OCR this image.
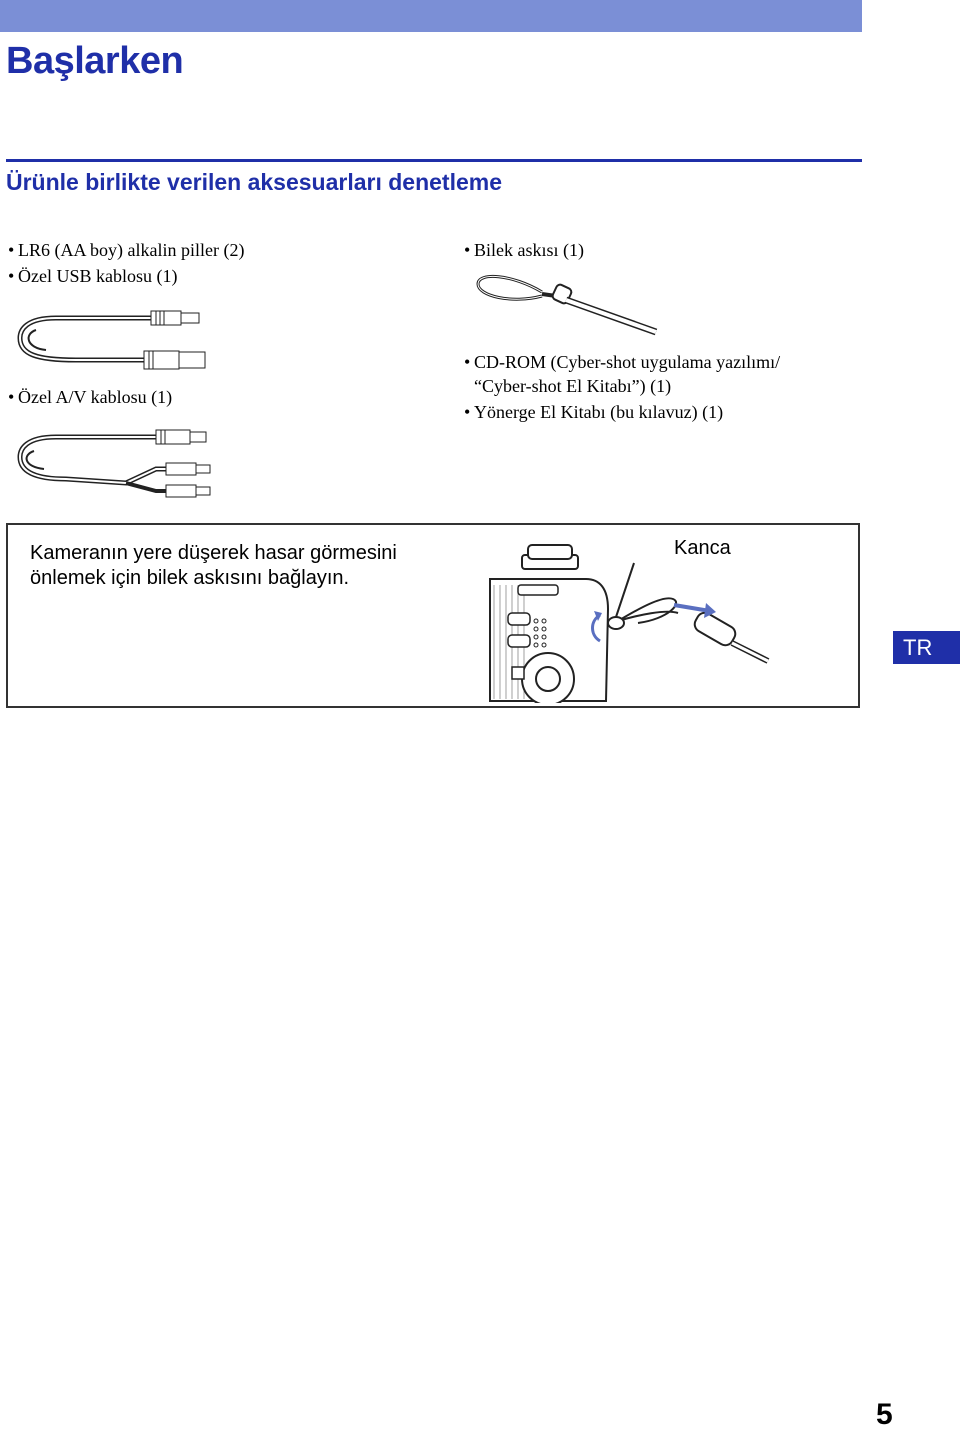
Başlarken
Ürünle birlikte verilen aksesuarları denetleme
• LR6 (AA boy) alkalin piller (2)
• Özel USB kablosu (1)
• Özel A/V kablosu (1)
• Bilek askısı (1)
• CD-ROM (Cyber-shot uygulama yazılımı/
“Cyber-shot El Kitabı”) (1)
• Yönerge El Kitabı (bu kılavuz) (1)

Kameranın yere düşerek hasar görmesini önlemek için bilek askısını bağlayın.

Kanca
TR
5
